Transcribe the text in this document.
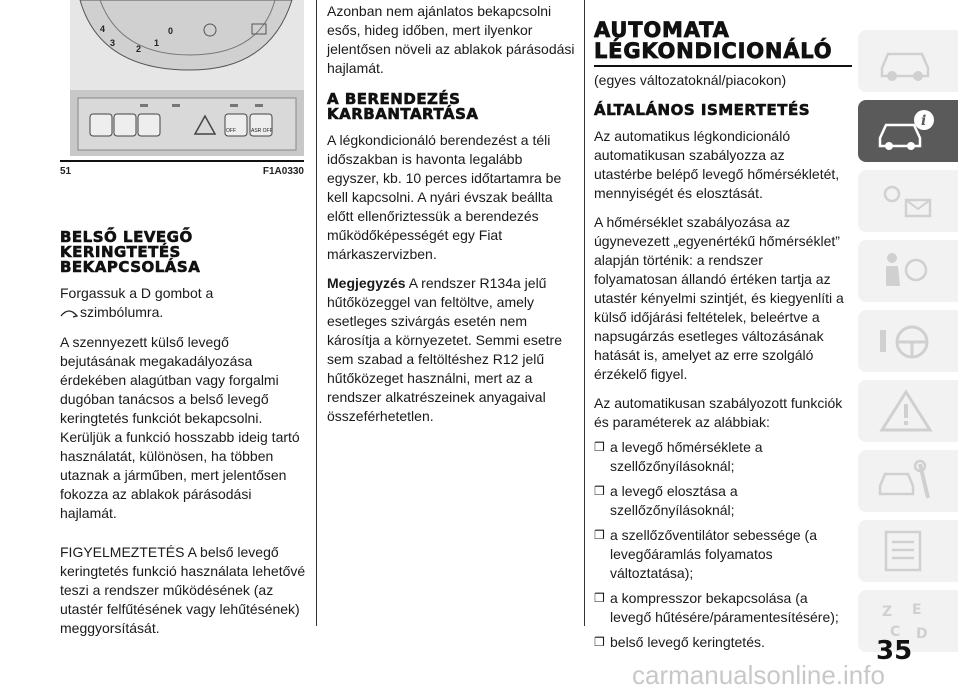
4
3
2
1
0
OFF	ASR OFF
51	F1A0330
BELSŐ LEVEGŐ
KERINGTETÉS
BEKAPCSOLÁSA

Forgassuk a D gombot a
szimbólumra.

A szennyezett külső levegő bejutásának megakadályozása érdekében alagútban vagy forgalmi dugóban tanácsos a belső levegő keringtetés funkciót bekapcsolni. Kerüljük a funkció hosszabb ideig tartó használatát, különösen, ha többen utaznak a járműben, mert jelentősen fokozza az ablakok párásodási hajlamát.

FIGYELMEZTETÉS A belső levegő keringtetés funkció használata lehetővé teszi a rendszer működésének (az utastér felfűtésének vagy lehűtésének) meggyorsítását.

Azonban nem ajánlatos bekapcsolni esős, hideg időben, mert ilyenkor jelentősen növeli az ablakok párásodási hajlamát.

A BERENDEZÉS
KARBANTARTÁSA

A légkondicionáló berendezést a téli időszakban is havonta legalább egyszer, kb. 10 perces időtartamra be kell kapcsolni. A nyári évszak beállta előtt ellenőriztessük a berendezés működőképességét egy Fiat márkaszervizben.

Megjegyzés A rendszer R134a jelű hűtőközeggel van feltöltve, amely esetleges szivárgás esetén nem károsítja a környezetet. Semmi esetre sem szabad a feltöltéshez R12 jelű hűtőközeget használni, mert az a rendszer alkatrészeinek anyagaival összeférhetetlen.

AUTOMATA
LÉGKONDICIONÁLÓ

(egyes változatoknál/piacokon)

ÁLTALÁNOS ISMERTETÉS

Az automatikus légkondicionáló automatikusan szabályozza az utastérbe belépő levegő hőmérsékletét, mennyiségét és elosztását.

A hőmérséklet szabályozása az úgynevezett „egyenértékű hőmérséklet” alapján történik: a rendszer folyamatosan állandó értéken tartja az utastér kényelmi szintjét, és kiegyenlíti a külső időjárási feltételek, beleértve a napsugárzás esetleges változásának hatását is, amelyet az erre szolgáló érzékelő figyel.

Az automatikusan szabályozott funkciók és paraméterek az alábbiak:

❒ a levegő hőmérséklete a szellőzőnyílásoknál;
❒ a levegő elosztása a szellőzőnyílásoknál;
❒ a szellőzőventilátor sebessége (a levegőáramlás folyamatos változtatása);
❒ a kompresszor bekapcsolása (a levegő hűtésére/páramentesítésére);
❒ belső levegő keringtetés.
i
Z E
C D
35
carmanualsonline.info
